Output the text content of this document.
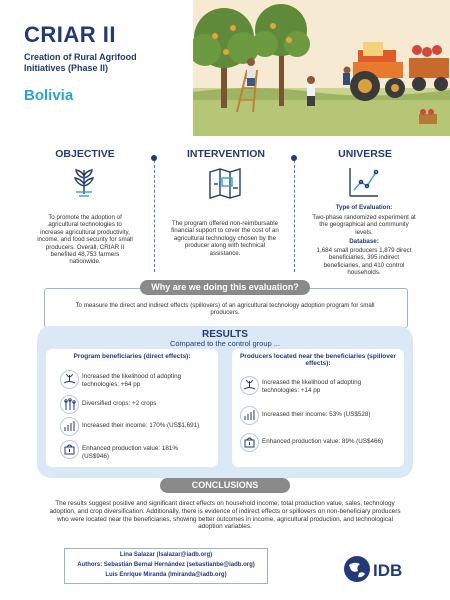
CRIAR II
Creation of Rural Agrifood Initiatives (Phase II)
Bolivia
OBJECTIVE	INTERVENTION	UNIVERSE
To promote the adoption of agricultural technologies to increase agricultural productivity, income, and food security for small producers. Overall, CRIAR II benefited 48,753 farmers nationwide.
The program offered non-reimbursable financial support to cover the cost of an agricultural technology chosen by the producer along with technical assistance.
Type of Evaluation:
Two-phase randomized experiment at the geographical and community levels.
Database:
1,684 small producers 1,879 direct beneficiaries, 395 indirect beneficiaries, and 410 control households.
Why are we doing this evaluation?
To measure the direct and indirect effects (spillovers) of an agricultural technology adoption program for small producers.
RESULTS
Compared to the control group ...
Program beneficiaries (direct effects):	Producers located near the beneficiaries (spillover effects):
Increased the likelihood of adopting technologies: +64 pp
Diversified crops: +2 crops
Increased their income: 170% (US$1,691)
Enhanced production value: 181% (US$946)
Increased the likelihood of adopting technologies: +14 pp
Increased their income: 53% (US$528)
Enhanced production value: 89% (US$466)
CONCLUSIONS
The results suggest positive and significant direct effects on household income, total production value, sales, technology adoption, and crop diversification. Additionally, there is evidence of indirect effects or spillovers on non-beneficiary producers who were located near the beneficiaries, showing better outcomes in income, agricultural production, and technological adoption variables.
Lina Salazar (lsalazar@iadb.org)
Authors: Sebastián Bernal Hernández (sebastianbe@iadb.org)
Luis Enrique Miranda (lmiranda@iadb.org)	IDB
